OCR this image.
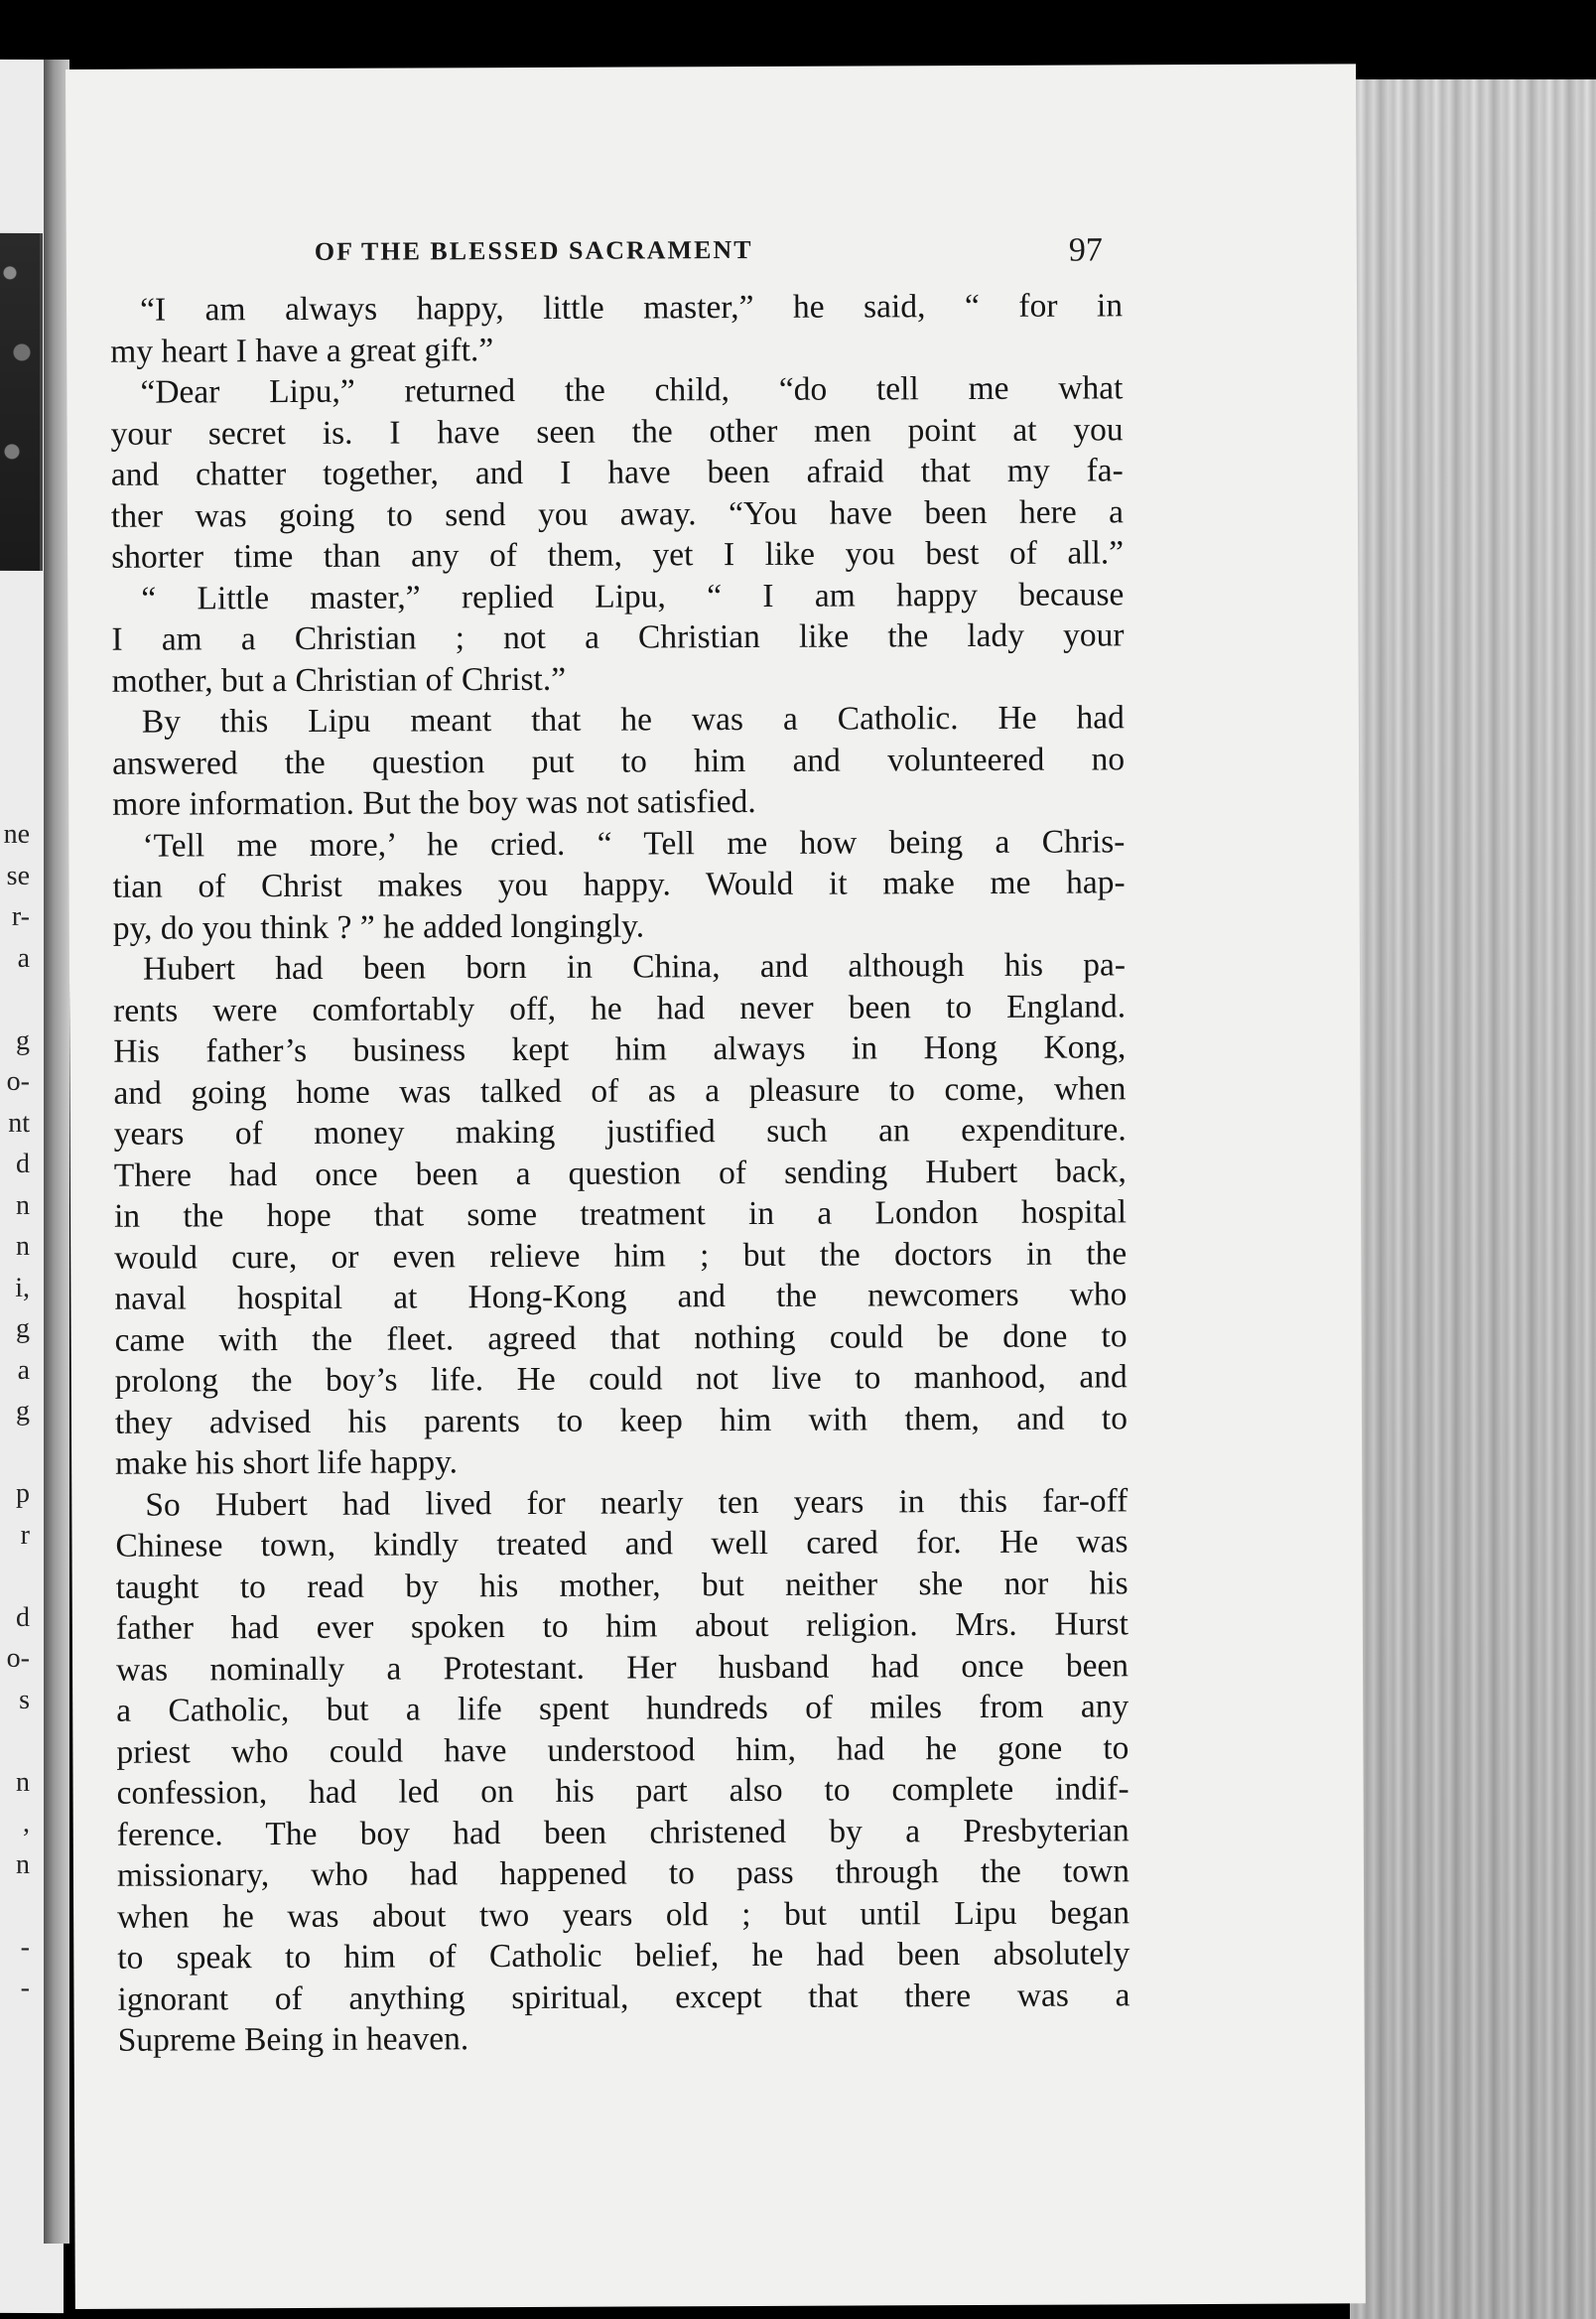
ne
se
r-
a
g
o-
nt
d
n
n
i,
g
a
g
p
r
d
o-
s
n
,
n
-
-
OF THE BLESSED SACRAMENT	97
“I am always happy, little master,” he said, “ for in
my heart I have a great gift.”
“Dear Lipu,” returned the child, “do tell me what
your secret is. I have seen the other men point at you
and chatter together, and I have been afraid that my fa-
ther was going to send you away. “You have been here a
shorter time than any of them, yet I like you best of all.”
“ Little master,” replied Lipu, “ I am happy because
I am a Christian ; not a Christian like the lady your
mother, but a Christian of Christ.”
By this Lipu meant that he was a Catholic. He had
answered the question put to him and volunteered no
more information. But the boy was not satisfied.
‘Tell me more,’ he cried. “ Tell me how being a Chris-
tian of Christ makes you happy. Would it make me hap-
py, do you think ? ” he added longingly.
Hubert had been born in China, and although his pa-
rents were comfortably off, he had never been to England.
His father’s business kept him always in Hong Kong,
and going home was talked of as a pleasure to come, when
years of money making justified such an expenditure.
There had once been a question of sending Hubert back,
in the hope that some treatment in a London hospital
would cure, or even relieve him ; but the doctors in the
naval hospital at Hong-Kong and the newcomers who
came with the fleet. agreed that nothing could be done to
prolong the boy’s life. He could not live to manhood, and
they advised his parents to keep him with them, and to
make his short life happy.
So Hubert had lived for nearly ten years in this far-off
Chinese town, kindly treated and well cared for. He was
taught to read by his mother, but neither she nor his
father had ever spoken to him about religion. Mrs. Hurst
was nominally a Protestant. Her husband had once been
a Catholic, but a life spent hundreds of miles from any
priest who could have understood him, had he gone to
confession, had led on his part also to complete indif-
ference. The boy had been christened by a Presbyterian
missionary, who had happened to pass through the town
when he was about two years old ; but until Lipu began
to speak to him of Catholic belief, he had been absolutely
ignorant of anything spiritual, except that there was a
Supreme Being in heaven.
